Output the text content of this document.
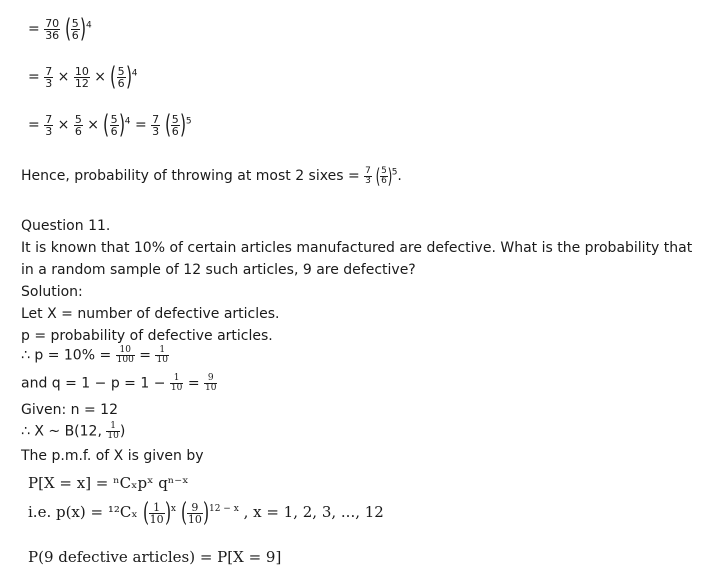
= $\frac{70}{36}$ ( $\frac{5}{6} )^4$
= $\frac{7}{3} \times \frac{10}{12}$ × ( $\frac{5}{6} )^4$
= $\frac{7}{3} \times \frac{5}{6}$ × ( $\frac{5}{6} )^4 = \frac{7}{3}$ ( $\frac{5}{6} )^5$
Hence, probability of throwing at most 2 sixes = $\frac{7}{3}$ ( $\frac{5}{6} )^5$.
Question 11.
It is known that 10% of certain articles manufactured are defective. What is the probability that
in a random sample of 12 such articles, 9 are defective?
Solution:
Let X = number of defective articles.
p = probability of defective articles.
∴ $p = 10\% = \frac{10}{100} = \frac{1}{10}$
and $q = 1 - p = 1 - \frac{1}{10} = \frac{9}{10}$
Given: n = 12
∴ X ~ B(12, $\frac{1}{10}$ )
The p.m.f. of X is given by
P[X = x] = ⁿCₓpˣ qⁿ⁻ˣ
i.e. p(x) = ¹²Cₓ ( $\frac{1}{10} )^x$ ( $\frac{9}{10} )^{12 - x}$ , x = 1, 2, 3, ..., 12
P(9 defective articles) = P[X = 9]
